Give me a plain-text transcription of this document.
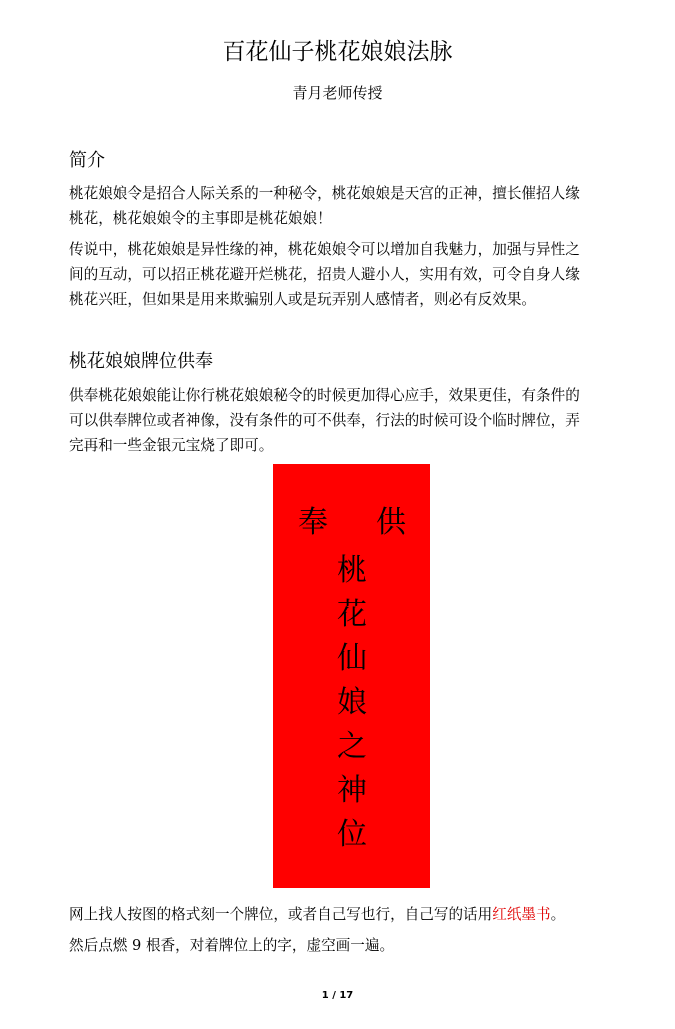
百花仙子桃花娘娘法脉
青月老师传授
简介

桃花娘娘令是招合人际关系的一种秘令，桃花娘娘是天宫的正神，擅长催招人缘

桃花，桃花娘娘令的主事即是桃花娘娘！

传说中，桃花娘娘是异性缘的神，桃花娘娘令可以增加自我魅力，加强与异性之

间的互动，可以招正桃花避开烂桃花，招贵人避小人，实用有效，可令自身人缘

桃花兴旺，但如果是用来欺骗别人或是玩弄别人感情者，则必有反效果。

桃花娘娘牌位供奉

供奉桃花娘娘能让你行桃花娘娘秘令的时候更加得心应手，效果更佳，有条件的

可以供奉牌位或者神像，没有条件的可不供奉，行法的时候可设个临时牌位，弄

完再和一些金银元宝烧了即可。

奉 供
桃
花
仙
娘
之
神
位

网上找人按图的格式刻一个牌位，或者自己写也行，自己写的话用红纸墨书。

然后点燃 9 根香，对着牌位上的字，虚空画一遍。

1 / 17
